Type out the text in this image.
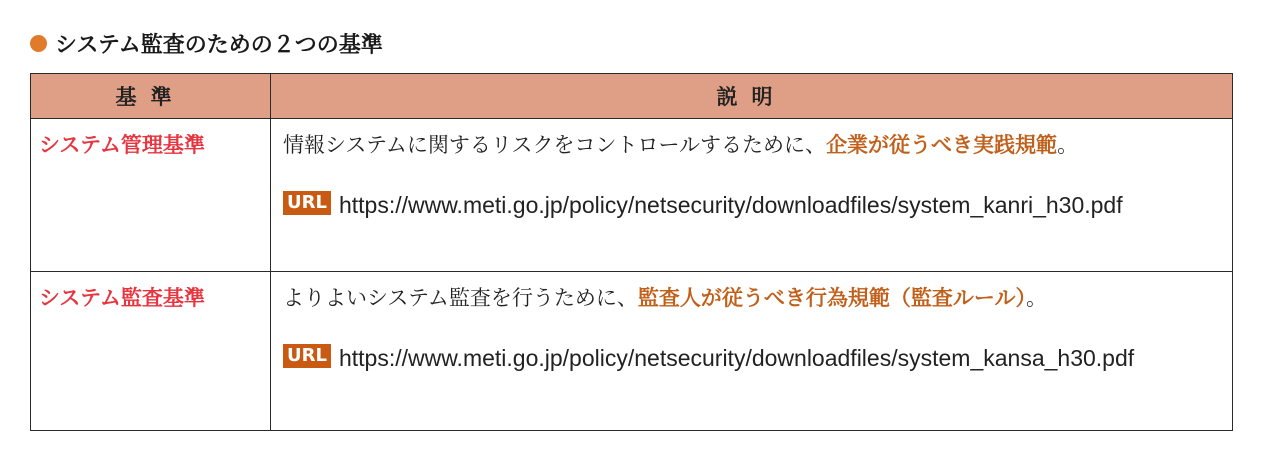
システム監査のための２つの基準
基準	説明
システム管理基準	情報システムに関するリスクをコントロールするために、企業が従うべき実践規範。
URL https://www.meti.go.jp/policy/netsecurity/downloadfiles/system_kanri_h30.pdf

システム監査基準	よりよいシステム監査を行うために、監査人が従うべき行為規範（監査ルール）。
URL https://www.meti.go.jp/policy/netsecurity/downloadfiles/system_kansa_h30.pdf
